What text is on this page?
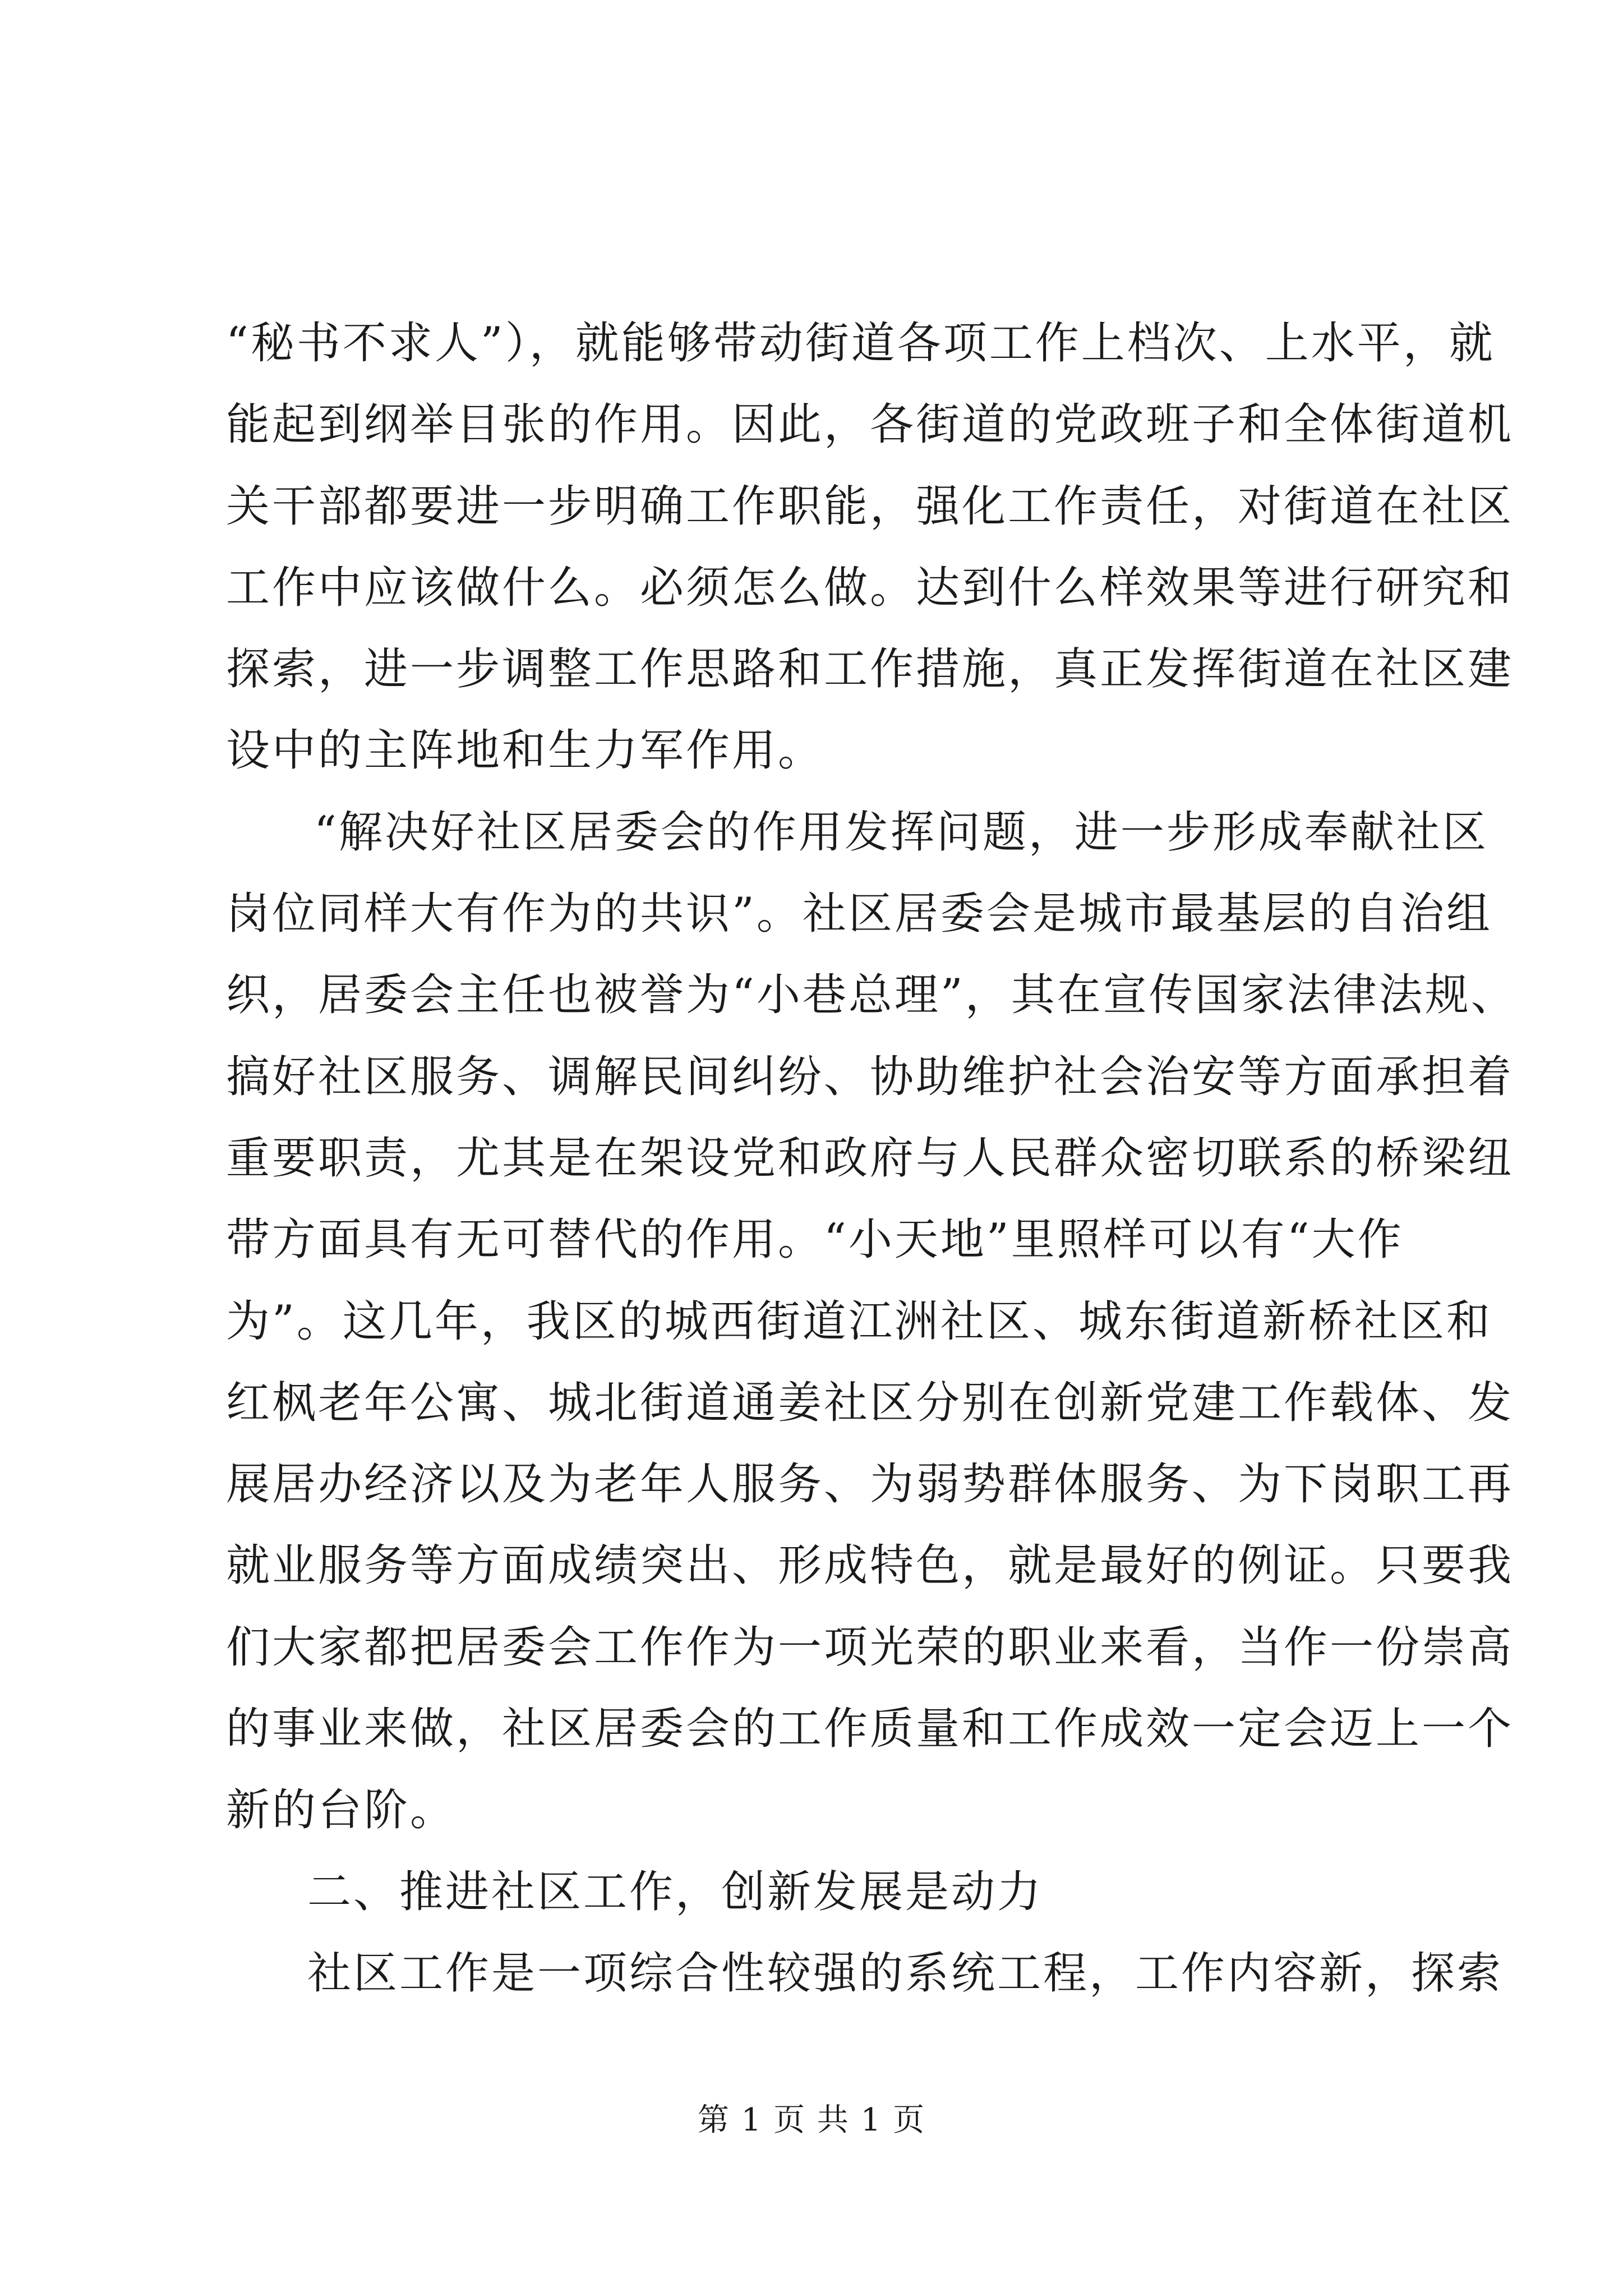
“秘书不求人”），就能够带动街道各项工作上档次、上水平，就
能起到纲举目张的作用。因此，各街道的党政班子和全体街道机
关干部都要进一步明确工作职能，强化工作责任，对街道在社区
工作中应该做什么。必须怎么做。达到什么样效果等进行研究和
探索，进一步调整工作思路和工作措施，真正发挥街道在社区建
设中的主阵地和生力军作用。
“解决好社区居委会的作用发挥问题，进一步形成奉献社区
岗位同样大有作为的共识”。社区居委会是城市最基层的自治组
织，居委会主任也被誉为“小巷总理”，其在宣传国家法律法规、
搞好社区服务、调解民间纠纷、协助维护社会治安等方面承担着
重要职责，尤其是在架设党和政府与人民群众密切联系的桥梁纽
带方面具有无可替代的作用。“小天地”里照样可以有“大作
为”。这几年，我区的城西街道江洲社区、城东街道新桥社区和
红枫老年公寓、城北街道通姜社区分别在创新党建工作载体、发
展居办经济以及为老年人服务、为弱势群体服务、为下岗职工再
就业服务等方面成绩突出、形成特色，就是最好的例证。只要我
们大家都把居委会工作作为一项光荣的职业来看，当作一份崇高
的事业来做，社区居委会的工作质量和工作成效一定会迈上一个
新的台阶。
二、推进社区工作，创新发展是动力
社区工作是一项综合性较强的系统工程，工作内容新，探索
第 1 页 共 1 页
